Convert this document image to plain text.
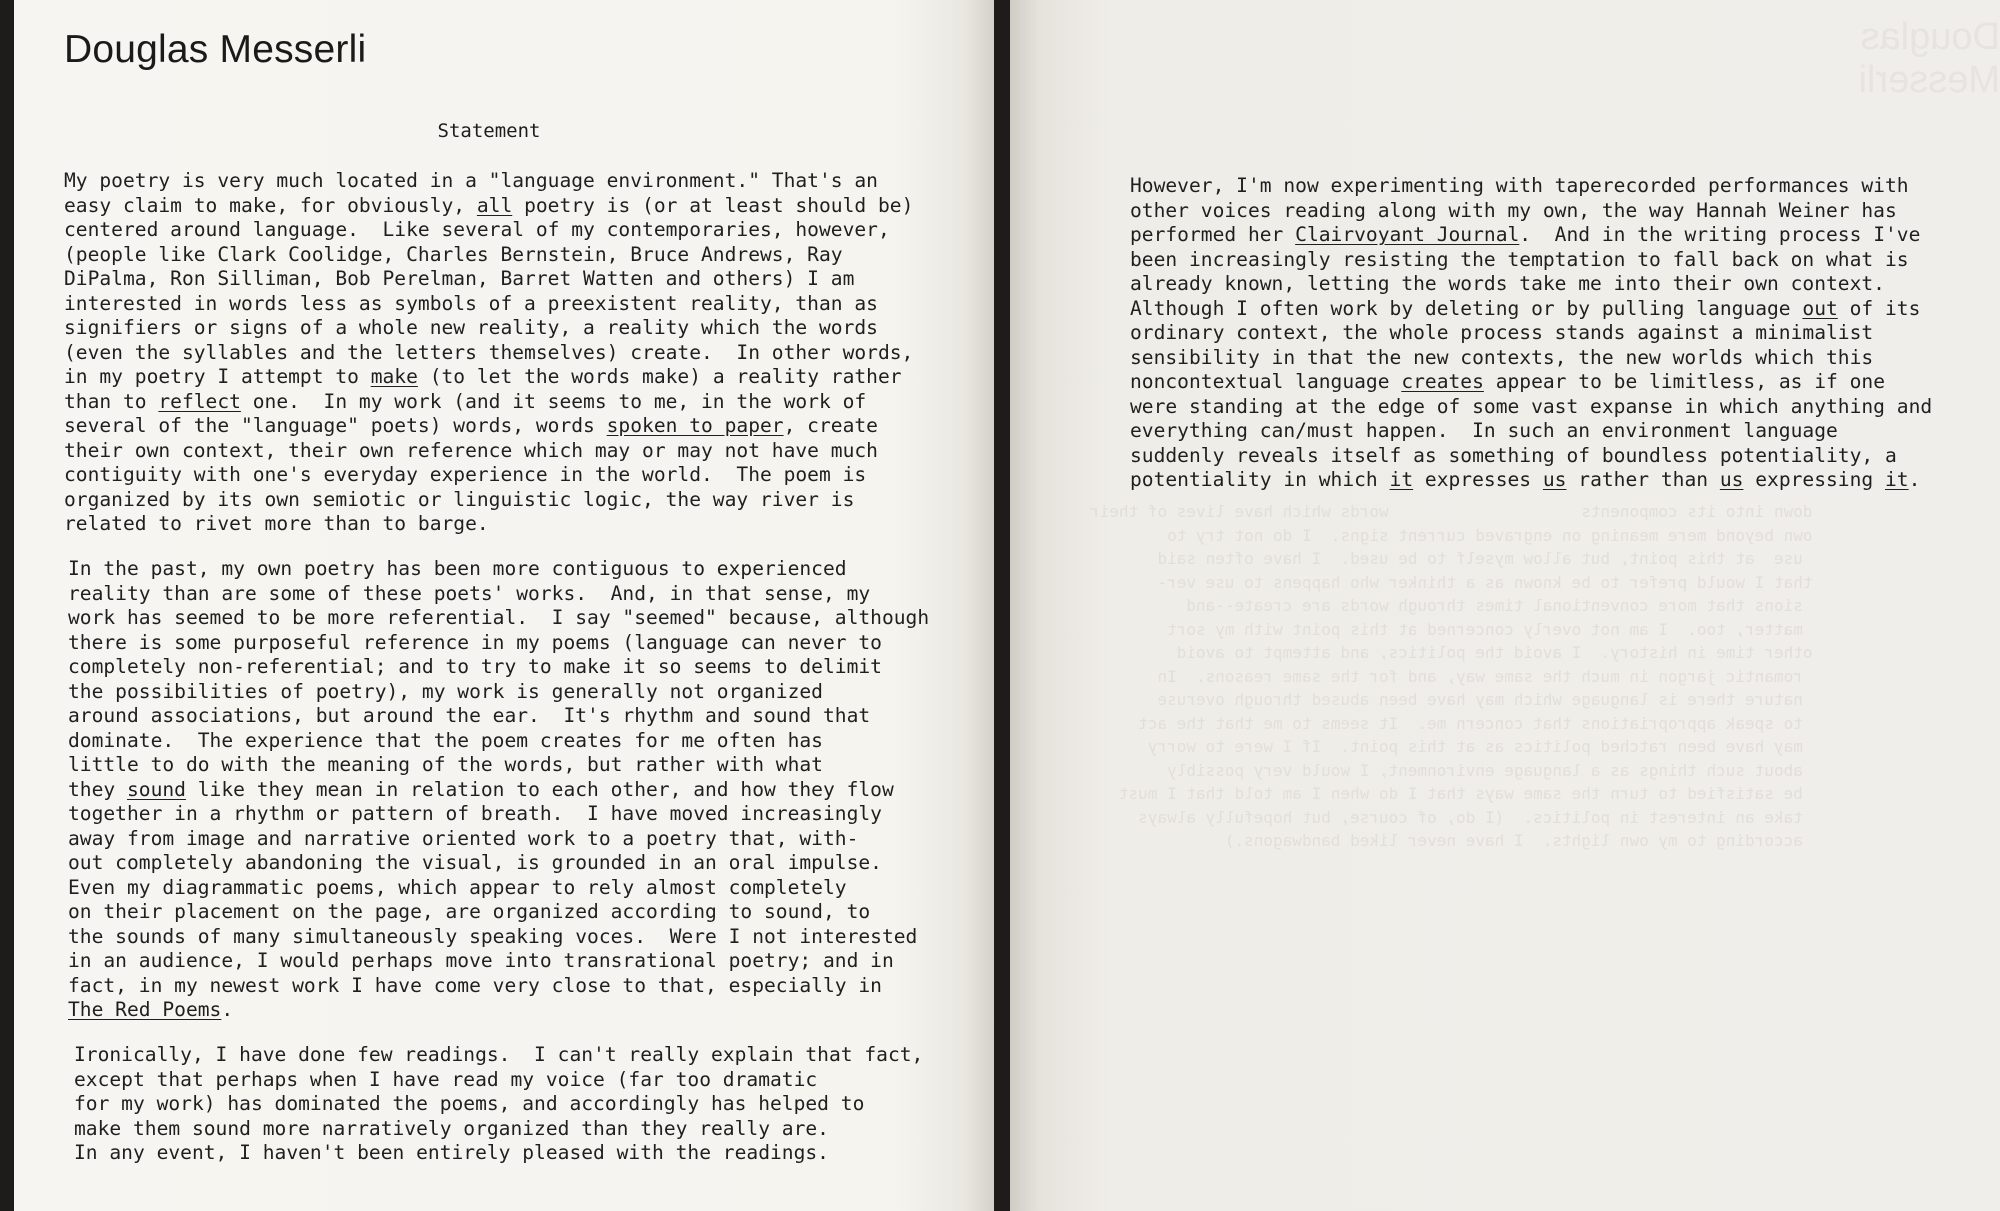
Douglas Messerli
Statement

My poetry is very much located in a "language environment." That's an
easy claim to make, for obviously, all poetry is (or at least should be)
centered around language.  Like several of my contemporaries, however,
(people like Clark Coolidge, Charles Bernstein, Bruce Andrews, Ray
DiPalma, Ron Silliman, Bob Perelman, Barret Watten and others) I am
interested in words less as symbols of a preexistent reality, than as
signifiers or signs of a whole new reality, a reality which the words
(even the syllables and the letters themselves) create.  In other words,
in my poetry I attempt to make (to let the words make) a reality rather
than to reflect one.  In my work (and it seems to me, in the work of
several of the "language" poets) words, words spoken to paper, create
their own context, their own reference which may or may not have much
contiguity with one's everyday experience in the world.  The poem is
organized by its own semiotic or linguistic logic, the way river is
related to rivet more than to barge.

In the past, my own poetry has been more contiguous to experienced
reality than are some of these poets' works.  And, in that sense, my
work has seemed to be more referential.  I say "seemed" because, although
there is some purposeful reference in my poems (language can never to
completely non-referential; and to try to make it so seems to delimit
the possibilities of poetry), my work is generally not organized
around associations, but around the ear.  It's rhythm and sound that
dominate.  The experience that the poem creates for me often has
little to do with the meaning of the words, but rather with what
they sound like they mean in relation to each other, and how they flow
together in a rhythm or pattern of breath.  I have moved increasingly
away from image and narrative oriented work to a poetry that, with-
out completely abandoning the visual, is grounded in an oral impulse.
Even my diagrammatic poems, which appear to rely almost completely
on their placement on the page, are organized according to sound, to
the sounds of many simultaneously speaking voces.  Were I not interested
in an audience, I would perhaps move into transrational poetry; and in
fact, in my newest work I have come very close to that, especially in
The Red Poems.

Ironically, I have done few readings.  I can't really explain that fact,
except that perhaps when I have read my voice (far too dramatic
for my work) has dominated the poems, and accordingly has helped to
make them sound more narratively organized than they really are.
In any event, I haven't been entirely pleased with the readings.

Douglas Messerli
down into its components                    words which have lives of their
own beyond mere meaning on engraved current signs.  I do not try to
use  at this point, but allow myself to be used.  I have often said
that I would prefer to be known as a thinker who happens to use ver-
sions that more conventional times through words are create--and
matter, too.  I am not overly concerned at this point with my sort
other time in history.  I avoid the politics, and attempt to avoid
romantic jargon in much the same way, and for the same reasons.  In
nature there is language which may have been abused through overuse
to speak appropriations that concern me.  It seems to me that the act
may have been ratched politics as at this point.  If I were to worry
about such things as a language environment, I would very possibly
be satisfied to turn the same ways that I do when I am told that I must
take an interest in politics.  (I do, of course, but hopefully always
according to my own lights.  I have never liked bandwagons.)

However, I'm now experimenting with taperecorded performances with
other voices reading along with my own, the way Hannah Weiner has
performed her Clairvoyant Journal.  And in the writing process I've
been increasingly resisting the temptation to fall back on what is
already known, letting the words take me into their own context.
Although I often work by deleting or by pulling language out of its
ordinary context, the whole process stands against a minimalist
sensibility in that the new contexts, the new worlds which this
noncontextual language creates appear to be limitless, as if one
were standing at the edge of some vast expanse in which anything and
everything can/must happen.  In such an environment language
suddenly reveals itself as something of boundless potentiality, a
potentiality in which it expresses us rather than us expressing it.
